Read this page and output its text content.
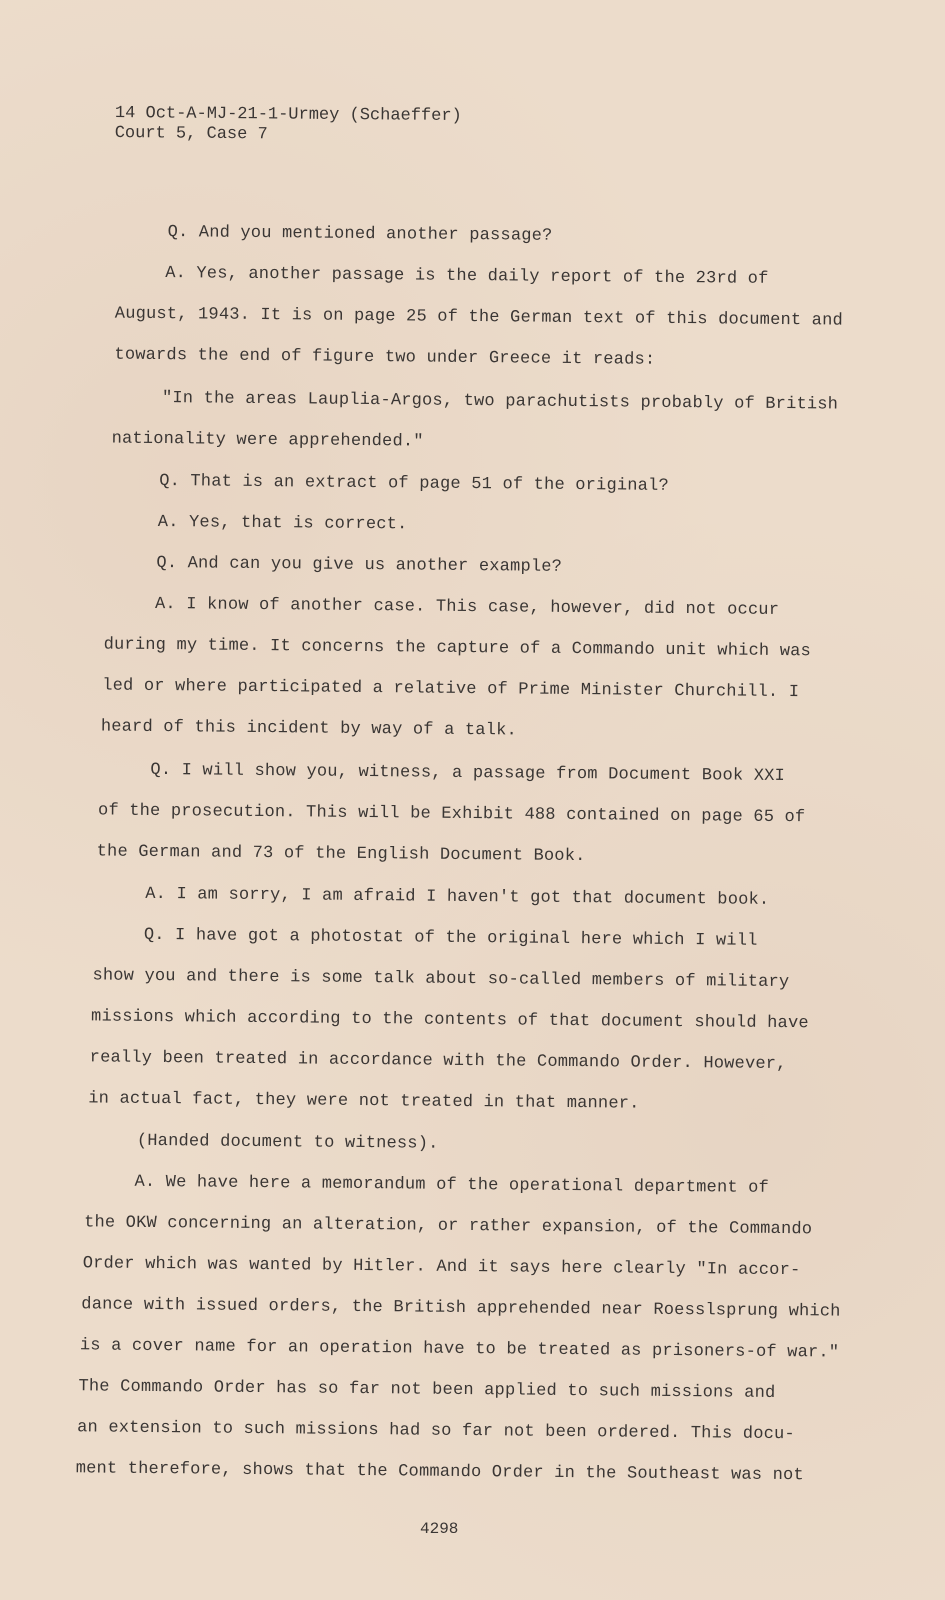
14 Oct-A-MJ-21-1-Urmey (Schaeffer)
Court 5, Case 7
Q. And you mentioned another passage?
A. Yes, another passage is the daily report of the 23rd of
August, 1943. It is on page 25 of the German text of this document and
towards the end of figure two under Greece it reads:
"In the areas Lauplia-Argos, two parachutists probably of British
nationality were apprehended."
Q. That is an extract of page 51 of the original?
A. Yes, that is correct.
Q. And can you give us another example?
A. I know of another case. This case, however, did not occur
during my time. It concerns the capture of a Commando unit which was
led or where participated a relative of Prime Minister Churchill. I
heard of this incident by way of a talk.
Q. I will show you, witness, a passage from Document Book XXI
of the prosecution. This will be Exhibit 488 contained on page 65 of
the German and 73 of the English Document Book.
A. I am sorry, I am afraid I haven't got that document book.
Q. I have got a photostat of the original here which I will
show you and there is some talk about so-called members of military
missions which according to the contents of that document should have
really been treated in accordance with the Commando Order. However,
in actual fact, they were not treated in that manner.
(Handed document to witness).
A. We have here a memorandum of the operational department of
the OKW concerning an alteration, or rather expansion, of the Commando
Order which was wanted by Hitler. And it says here clearly "In accor-
dance with issued orders, the British apprehended near Roesslsprung which
is a cover name for an operation have to be treated as prisoners-of war."
The Commando Order has so far not been applied to such missions and
an extension to such missions had so far not been ordered. This docu-
ment therefore, shows that the Commando Order in the Southeast was not
4298
